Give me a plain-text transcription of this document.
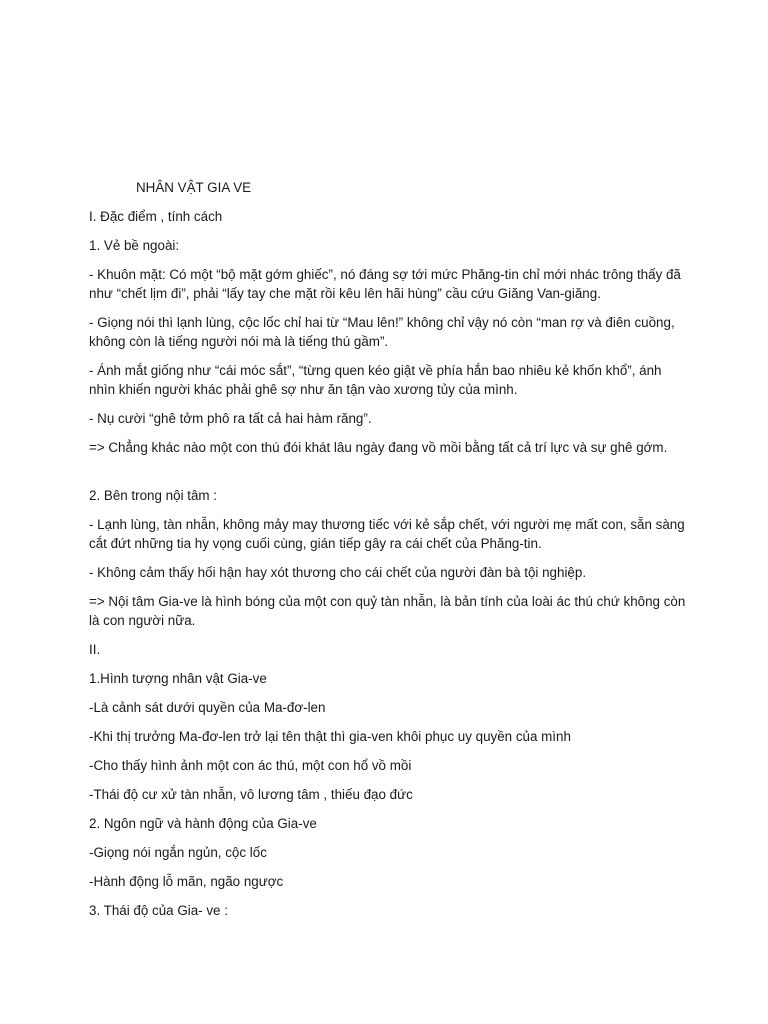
NHÂN VẬT GIA VE

I. Đặc điểm , tính cách

1. Vẻ bề ngoài:

- Khuôn mặt: Có một “bộ mặt gớm ghiếc”, nó đáng sợ tới mức Phăng-tin chỉ mới nhác trông thấy đã như “chết lịm đi”, phải “lấy tay che mặt rồi kêu lên hãi hùng” cầu cứu Giăng Van-giăng.

- Giọng nói thì lạnh lùng, cộc lốc chỉ hai từ “Mau lên!” không chỉ vậy nó còn “man rợ và điên cuồng, không còn là tiếng người nói mà là tiếng thú gầm”.

- Ánh mắt giống như “cái móc sắt”, “từng quen kéo giật về phía hắn bao nhiêu kẻ khốn khổ”, ánh nhìn khiến người khác phải ghê sợ như ăn tận vào xương tủy của mình.

- Nụ cười “ghê tởm phô ra tất cả hai hàm răng”.

=> Chẳng khác nào một con thú đói khát lâu ngày đang vồ mồi bằng tất cả trí lực và sự ghê gớm.

2. Bên trong nội tâm :

- Lạnh lùng, tàn nhẫn, không mảy may thương tiếc với kẻ sắp chết, với người mẹ mất con, sẵn sàng cắt đứt những tia hy vọng cuối cùng, gián tiếp gây ra cái chết của Phăng-tin.

- Không cảm thấy hối hận hay xót thương cho cái chết của người đàn bà tội nghiệp.

=> Nội tâm Gia-ve là hình bóng của một con quỷ tàn nhẫn, là bản tính của loài ác thú chứ không còn là con người nữa.

II.

1.Hình tượng nhân vật Gia-ve

-Là cảnh sát dưới quyền của Ma-đơ-len

-Khi thị trưởng Ma-đơ-len trở lại tên thật thì gia-ven khôi phục uy quyền của mình

-Cho thấy hình ảnh một con ác thú, một con hổ vồ mồi

-Thái độ cư xử tàn nhẫn, vô lương tâm , thiếu đạo đức

2. Ngôn ngữ và hành động của Gia-ve

-Giọng nói ngắn ngủn, cộc lốc

-Hành động lỗ mãn, ngão ngược

3. Thái độ của Gia- ve :
